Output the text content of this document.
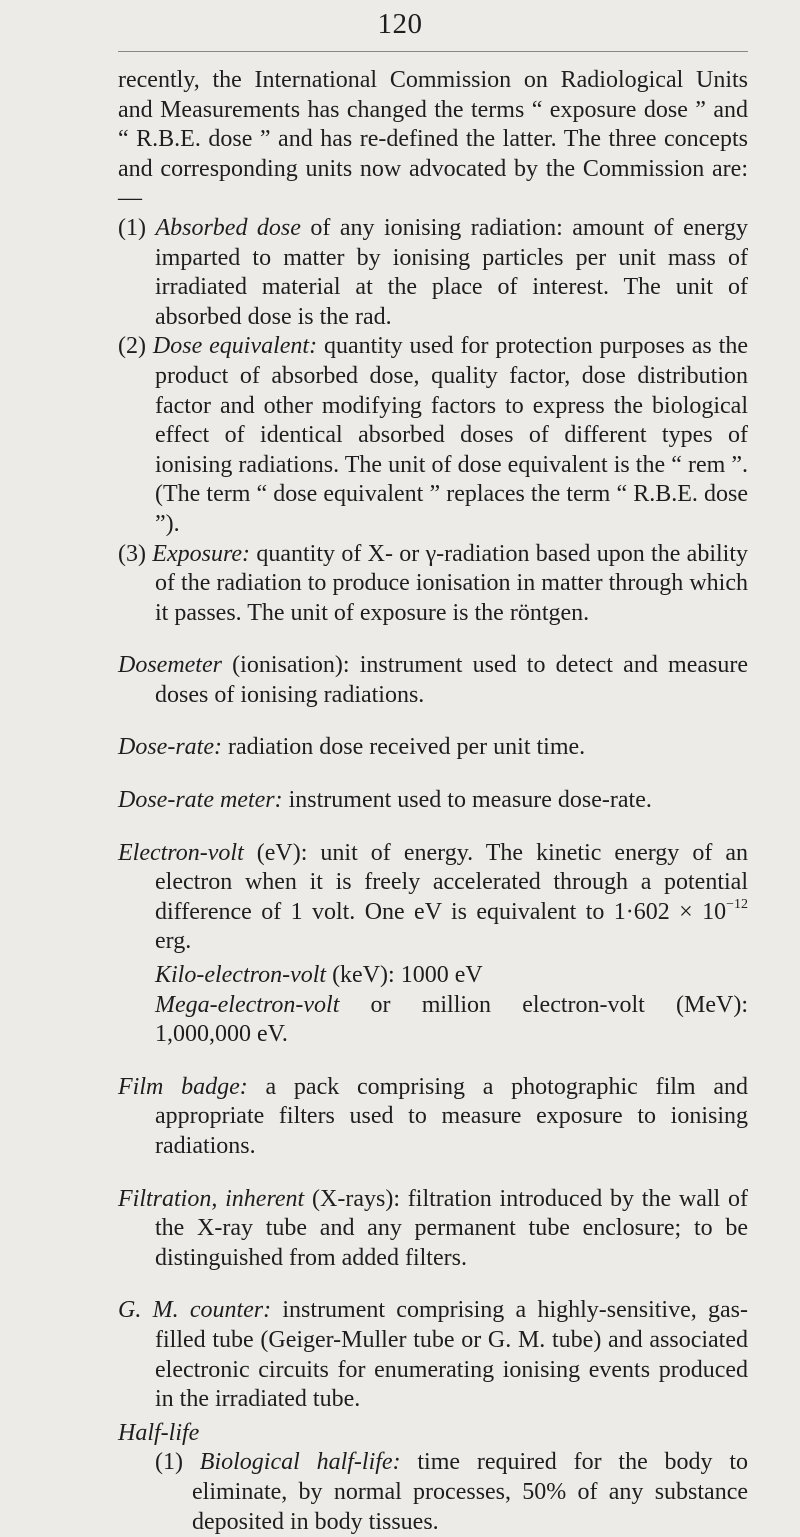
120

recently, the International Commission on Radiological Units and Measurements has changed the terms “ exposure dose ” and “ R.B.E. dose ” and has re-defined the latter. The three concepts and corresponding units now advocated by the Commission are:—

(1) Absorbed dose of any ionising radiation: amount of energy imparted to matter by ionising particles per unit mass of irradiated material at the place of interest. The unit of absorbed dose is the rad.

(2) Dose equivalent: quantity used for protection purposes as the product of absorbed dose, quality factor, dose distribution factor and other modifying factors to express the biological effect of identical absorbed doses of different types of ionising radiations. The unit of dose equivalent is the “ rem ”. (The term “ dose equivalent ” replaces the term “ R.B.E. dose ”).

(3) Exposure: quantity of X- or γ-radiation based upon the ability of the radiation to produce ionisation in matter through which it passes. The unit of exposure is the röntgen.

Dosemeter (ionisation): instrument used to detect and measure doses of ionising radiations.

Dose-rate: radiation dose received per unit time.

Dose-rate meter: instrument used to measure dose-rate.

Electron-volt (eV): unit of energy. The kinetic energy of an electron when it is freely accelerated through a potential difference of 1 volt. One eV is equivalent to $1\cdot 602 \times 10^{-12}$ erg.

Kilo-electron-volt (keV): 1000 eV

Mega-electron-volt or million electron-volt (MeV): 1,000,000 eV.

Film badge: a pack comprising a photographic film and appropriate filters used to measure exposure to ionising radiations.

Filtration, inherent (X-rays): filtration introduced by the wall of the X-ray tube and any permanent tube enclosure; to be distinguished from added filters.

G. M. counter: instrument comprising a highly-sensitive, gas-filled tube (Geiger-Muller tube or G. M. tube) and associated electronic circuits for enumerating ionising events produced in the irradiated tube.

Half-life

(1) Biological half-life: time required for the body to eliminate, by normal processes, 50% of any substance deposited in body tissues.
